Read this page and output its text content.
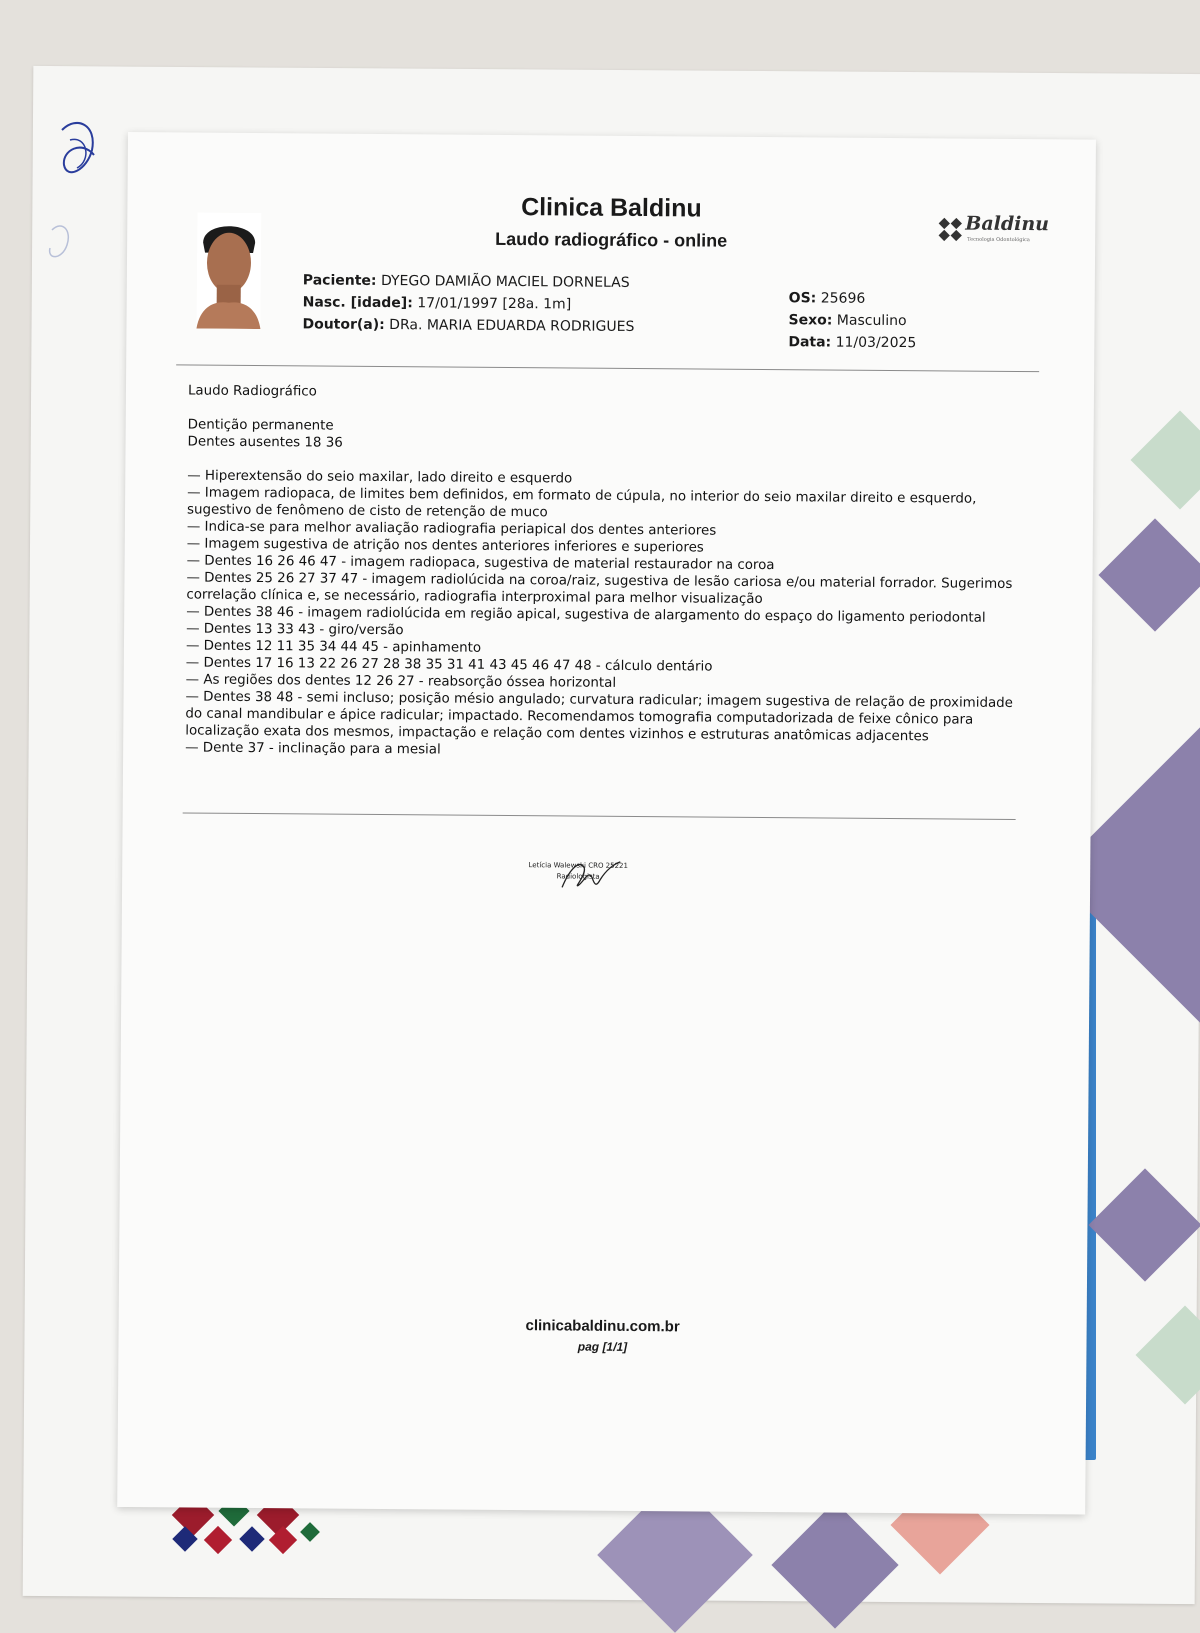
Clinica Baldinu
Laudo radiográfico - online
Baldinu
Tecnologia Odontológica
Paciente: DYEGO DAMIÃO MACIEL DORNELAS
Nasc. [idade]: 17/01/1997 [28a. 1m]
Doutor(a): DRa. MARIA EDUARDA RODRIGUES
OS: 25696
Sexo: Masculino
Data: 11/03/2025
Laudo Radiográfico
Dentição permanente
Dentes ausentes 18 36
— Hiperextensão do seio maxilar, lado direito e esquerdo
— Imagem radiopaca, de limites bem definidos, em formato de cúpula, no interior do seio maxilar direito e esquerdo, sugestivo de fenômeno de cisto de retenção de muco
— Indica-se para melhor avaliação radiografia periapical dos dentes anteriores
— Imagem sugestiva de atrição nos dentes anteriores inferiores e superiores
— Dentes 16 26 46 47 - imagem radiopaca, sugestiva de material restaurador na coroa
— Dentes 25 26 27 37 47 - imagem radiolúcida na coroa/raiz, sugestiva de lesão cariosa e/ou material forrador. Sugerimos correlação clínica e, se necessário, radiografia interproximal para melhor visualização
— Dentes 38 46 - imagem radiolúcida em região apical, sugestiva de alargamento do espaço do ligamento periodontal
— Dentes 13 33 43 - giro/versão
— Dentes 12 11 35 34 44 45 - apinhamento
— Dentes 17 16 13 22 26 27 28 38 35 31 41 43 45 46 47 48 - cálculo dentário
— As regiões dos dentes 12 26 27 - reabsorção óssea horizontal
— Dentes 38 48 - semi incluso; posição mésio angulado; curvatura radicular; imagem sugestiva de relação de proximidade do canal mandibular e ápice radicular; impactado. Recomendamos tomografia computadorizada de feixe cônico para localização exata dos mesmos, impactação e relação com dentes vizinhos e estruturas anatômicas adjacentes
— Dente 37 - inclinação para a mesial
Letícia Walewski CRO 25221
Radiologista
clinicabaldinu.com.br
pag [1/1]
